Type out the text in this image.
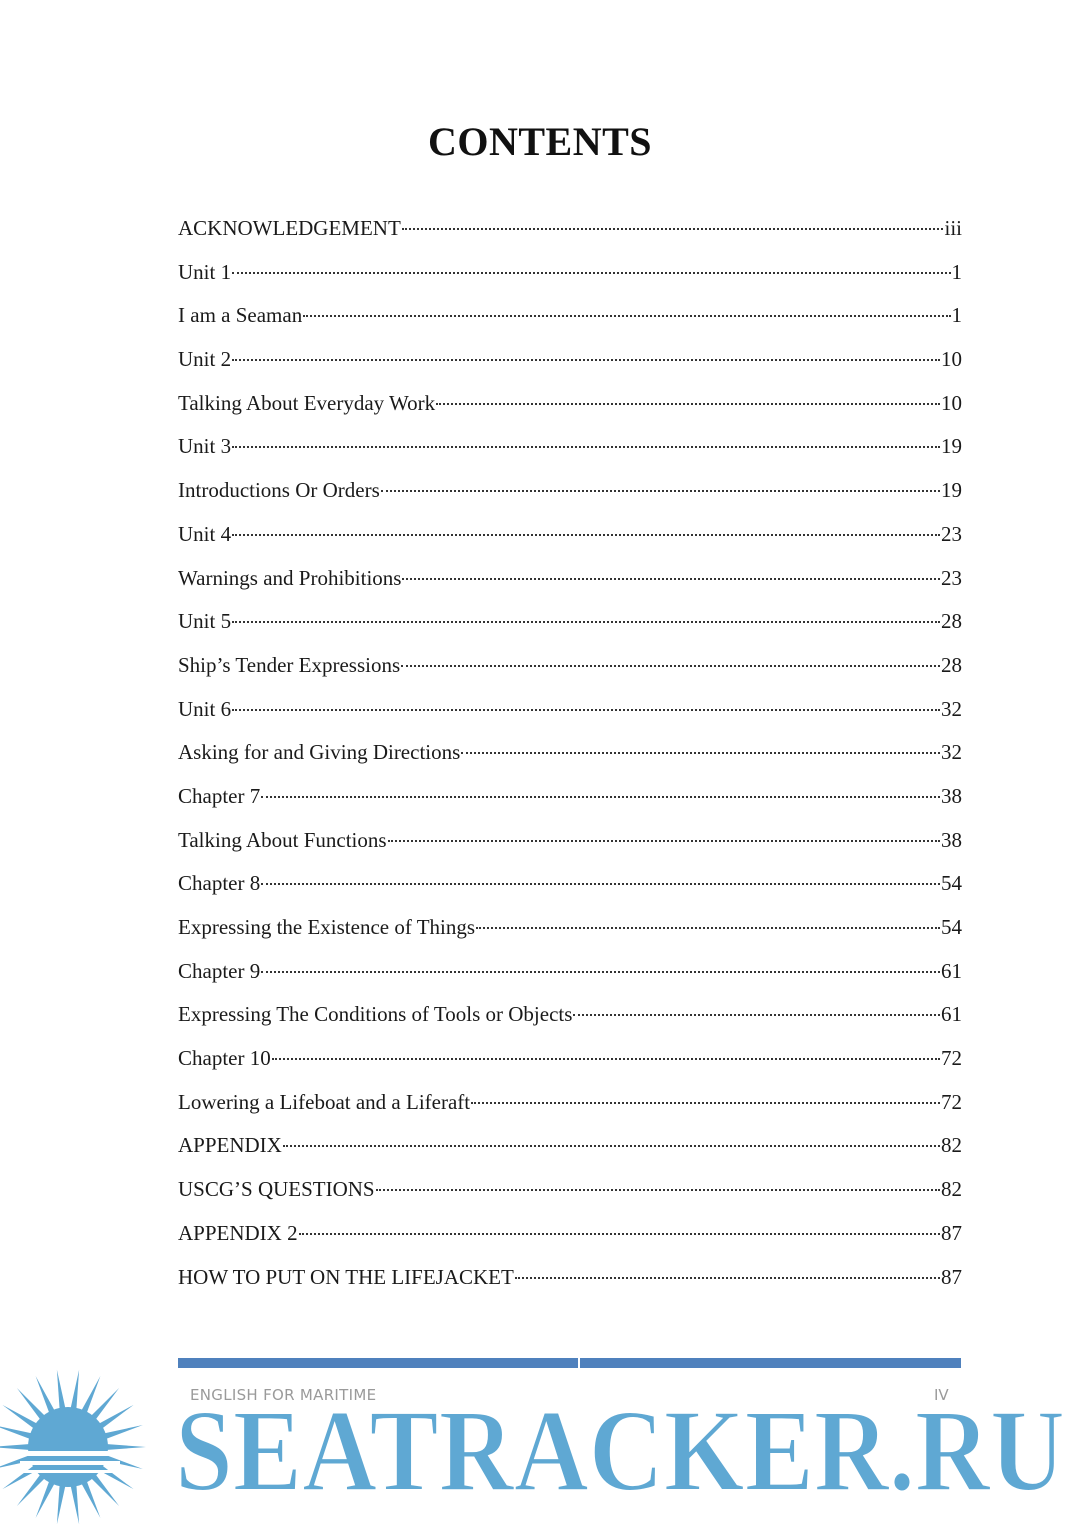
CONTENTS
ACKNOWLEDGEMENT	iii
Unit 1	1
I am a Seaman	1
Unit 2	10
Talking About Everyday Work	10
Unit 3	19
Introductions Or Orders	19
Unit 4	23
Warnings and Prohibitions	23
Unit 5	28
Ship’s Tender Expressions	28
Unit 6	32
Asking for and Giving Directions	32
Chapter 7	38
Talking About Functions	38
Chapter 8	54
Expressing the Existence of Things	54
Chapter 9	61
Expressing The Conditions of Tools or Objects	61
Chapter 10	72
Lowering a Lifeboat and a Liferaft	72
APPENDIX	82
USCG’S QUESTIONS	82
APPENDIX 2	87
HOW TO PUT ON THE LIFEJACKET	87
ENGLISH FOR MARITIME	IV
SEATRACKER.RU
